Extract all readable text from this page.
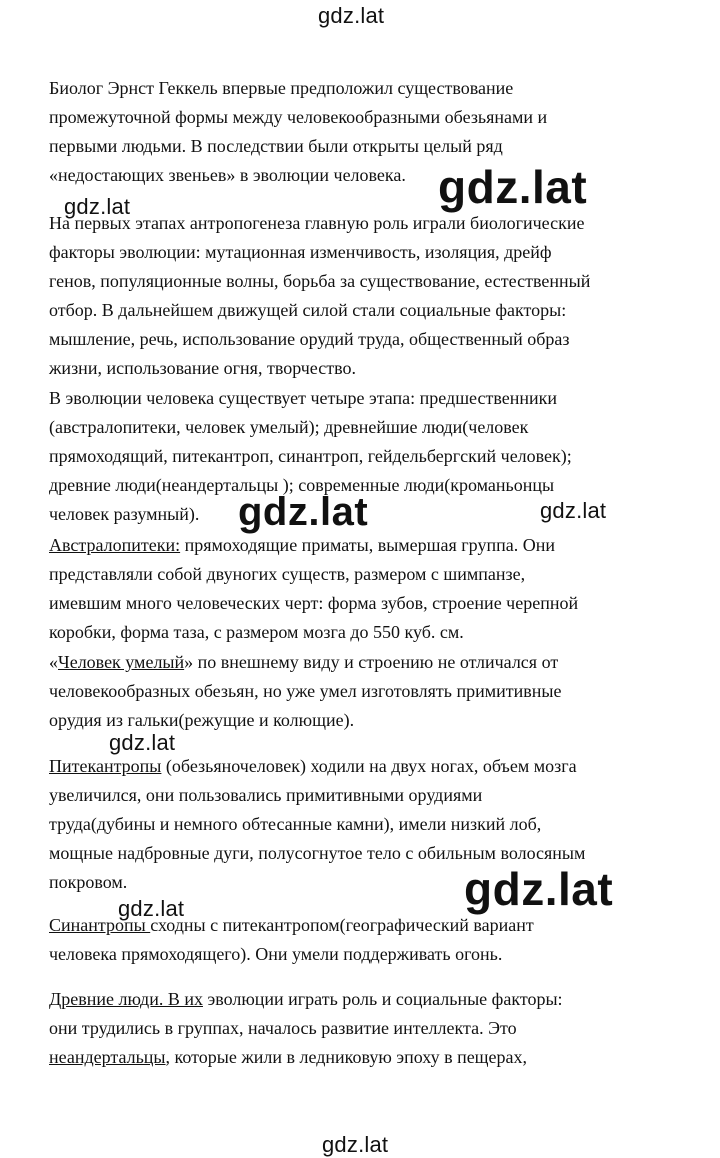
gdz.lat
gdz.lat	gdz.lat
gdz.lat	gdz.lat
gdz.lat
gdz.lat
gdz.lat
gdz.lat
Биолог Эрнст Геккель впервые предположил существование
промежуточной формы между человекообразными обезьянами и
первыми людьми. В последствии были открыты целый ряд
«недостающих звеньев» в эволюции человека.
На первых этапах антропогенеза главную роль играли биологические
факторы эволюции: мутационная изменчивость, изоляция, дрейф
генов, популяционные волны, борьба за существование, естественный
отбор. В дальнейшем движущей силой стали социальные факторы:
мышление, речь, использование орудий труда, общественный образ
жизни, использование огня, творчество.
В эволюции человека существует четыре этапа: предшественники
(австралопитеки, человек умелый); древнейшие люди(человек
прямоходящий, питекантроп, синантроп, гейдельбергский человек);
древние люди(неандертальцы ); современные люди(кроманьонцы
человек разумный).
Австралопитеки: прямоходящие приматы, вымершая группа. Они
представляли собой двуногих существ, размером с шимпанзе,
имевшим много человеческих черт: форма зубов, строение черепной
коробки, форма таза, с размером мозга до 550 куб. см.
«Человек умелый» по внешнему виду и строению не отличался от
человекообразных обезьян, но уже умел изготовлять примитивные
орудия из гальки(режущие и колющие).
Питекантропы (обезьяночеловек) ходили на двух ногах, объем мозга
увеличился, они пользовались примитивными орудиями
труда(дубины и немного обтесанные камни), имели низкий лоб,
мощные надбровные дуги, полусогнутое тело с обильным волосяным
покровом.
Синантропы сходны с питекантропом(географический вариант
человека прямоходящего). Они умели поддерживать огонь.
Древние люди. В их эволюции играть роль и социальные факторы:
они трудились в группах, началось развитие интеллекта. Это
неандертальцы, которые жили в ледниковую эпоху в пещерах,
